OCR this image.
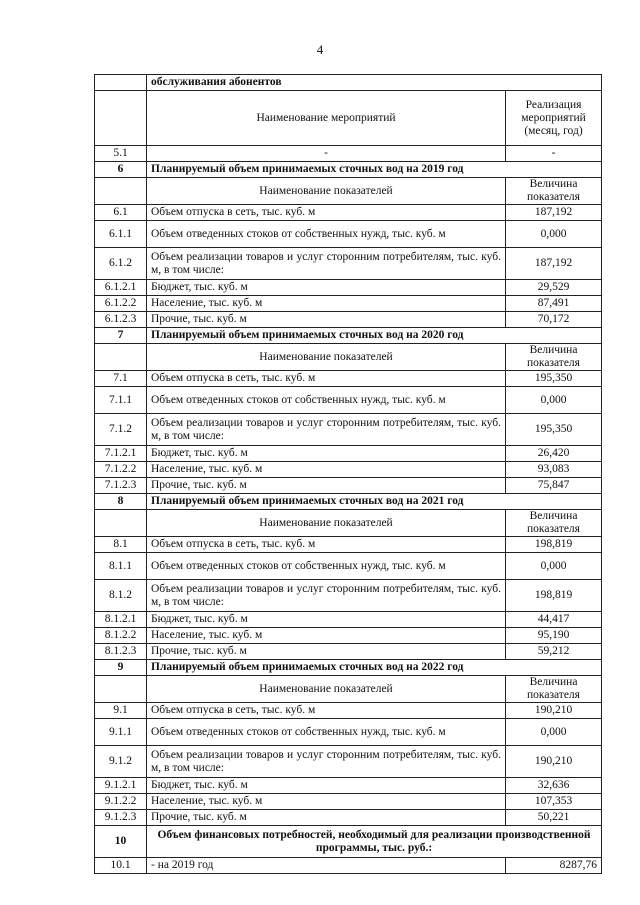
4
	обслуживания абонентов	
	Наименование мероприятий	Реализация мероприятий (месяц, год)
5.1	-	-
6	Планируемый объем принимаемых сточных вод на 2019 год	
	Наименование показателей	Величина показателя
6.1	Объем отпуска в сеть, тыс. куб. м	187,192
6.1.1	Объем отведенных стоков от собственных нужд, тыс. куб. м	0,000
6.1.2	Объем реализации товаров и услуг сторонним потребителям, тыс. куб. м, в том числе:	187,192
6.1.2.1	Бюджет, тыс. куб. м	29,529
6.1.2.2	Население, тыс. куб. м	87,491
6.1.2.3	Прочие, тыс. куб. м	70,172
7	Планируемый объем принимаемых сточных вод на 2020 год	
	Наименование показателей	Величина показателя
7.1	Объем отпуска в сеть, тыс. куб. м	195,350
7.1.1	Объем отведенных стоков от собственных нужд, тыс. куб. м	0,000
7.1.2	Объем реализации товаров и услуг сторонним потребителям, тыс. куб. м, в том числе:	195,350
7.1.2.1	Бюджет, тыс. куб. м	26,420
7.1.2.2	Население, тыс. куб. м	93,083
7.1.2.3	Прочие, тыс. куб. м	75,847
8	Планируемый объем принимаемых сточных вод на 2021 год	
	Наименование показателей	Величина показателя
8.1	Объем отпуска в сеть, тыс. куб. м	198,819
8.1.1	Объем отведенных стоков от собственных нужд, тыс. куб. м	0,000
8.1.2	Объем реализации товаров и услуг сторонним потребителям, тыс. куб. м, в том числе:	198,819
8.1.2.1	Бюджет, тыс. куб. м	44,417
8.1.2.2	Население, тыс. куб. м	95,190
8.1.2.3	Прочие, тыс. куб. м	59,212
9	Планируемый объем принимаемых сточных вод на 2022 год	
	Наименование показателей	Величина показателя
9.1	Объем отпуска в сеть, тыс. куб. м	190,210
9.1.1	Объем отведенных стоков от собственных нужд, тыс. куб. м	0,000
9.1.2	Объем реализации товаров и услуг сторонним потребителям, тыс. куб. м, в том числе:	190,210
9.1.2.1	Бюджет, тыс. куб. м	32,636
9.1.2.2	Население, тыс. куб. м	107,353
9.1.2.3	Прочие, тыс. куб. м	50,221
10	Объем финансовых потребностей, необходимый для реализации производственной программы, тыс. руб.:	
10.1	- на 2019 год	8287,76
